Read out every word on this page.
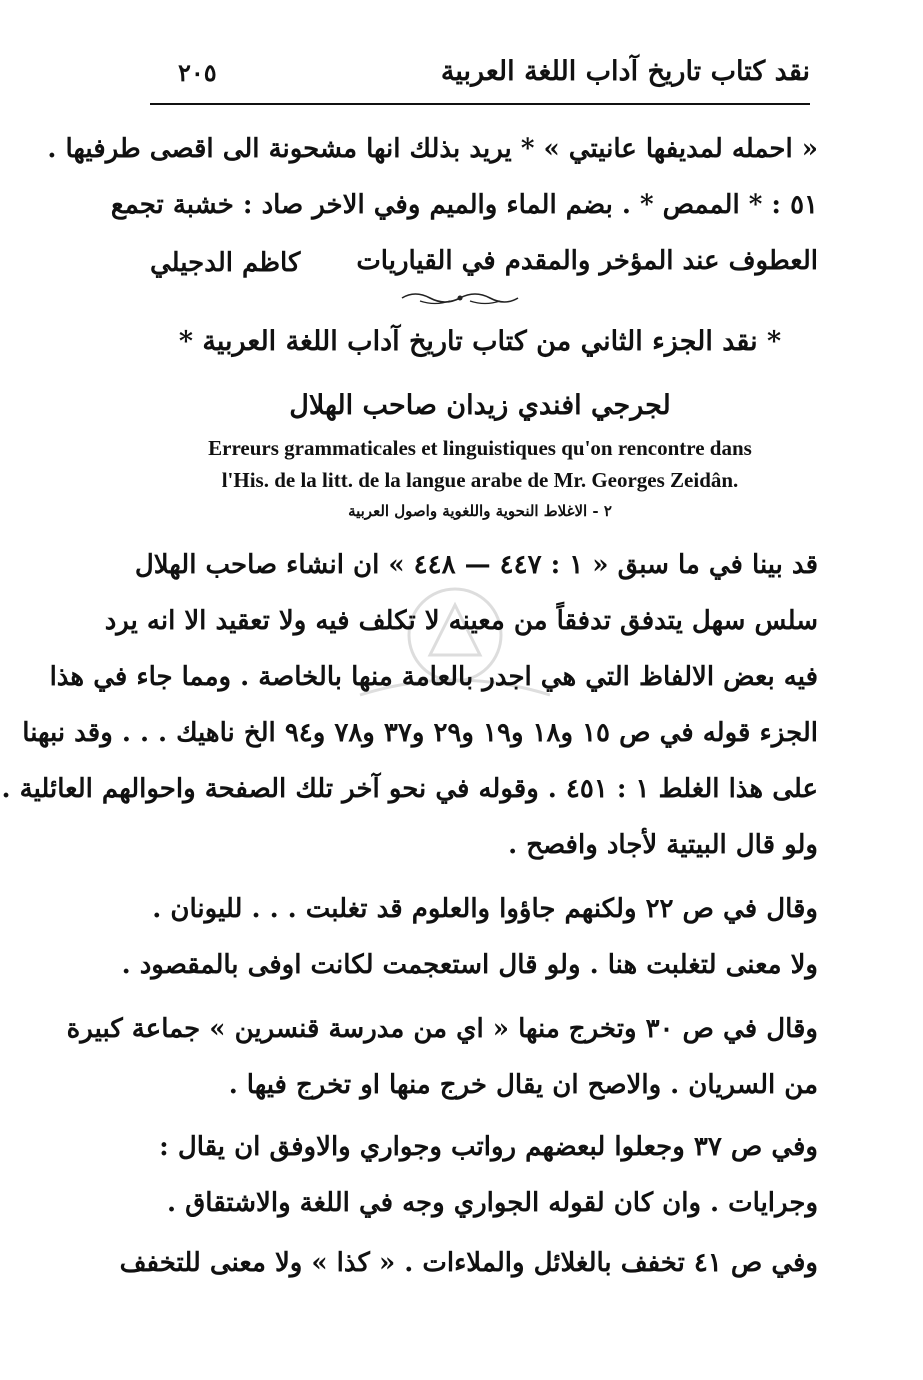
نقد كتاب تاريخ آداب اللغة العربية
٢٠٥
« احمله لمديفها عانيتي » * يريد بذلك انها مشحونة الى اقصى طرفيها .
٥١ : * الممص * . بضم الماء والميم وفي الاخر صاد : خشبة تجمع
العطوف عند المؤخر والمقدم في القياريات
كاظم الدجيلي
* نقد الجزء الثاني من كتاب تاريخ آداب اللغة العربية *
لجرجي افندي زيدان صاحب الهلال
Erreurs grammaticales et linguistiques qu'on rencontre dans
l'His. de la litt. de la langue arabe de Mr. Georges Zeidân.
٢ - الاغلاط النحوية واللغوية واصول العربية
قد بينا في ما سبق « ١ : ٤٤٧ — ٤٤٨ » ان انشاء صاحب الهلال
سلس سهل يتدفق تدفقاً من معينه لا تكلف فيه ولا تعقيد الا انه يرد
فيه بعض الالفاظ التي هي اجدر بالعامة منها بالخاصة . ومما جاء في هذا
الجزء قوله في ص ١٥ و١٨ و١٩ و٢٩ و٣٧ و٧٨ و٩٤ الخ ناهيك . . . وقد نبهنا
على هذا الغلط ١ : ٤٥١ . وقوله في نحو آخر تلك الصفحة واحوالهم العائلية .
ولو قال البيتية لأجاد وافصح .
وقال في ص ٢٢ ولكنهم جاؤوا والعلوم قد تغلبت . . . لليونان .
ولا معنى لتغلبت هنا . ولو قال استعجمت لكانت اوفى بالمقصود .
وقال في ص ٣٠ وتخرج منها « اي من مدرسة قنسرين » جماعة كبيرة
من السريان . والاصح ان يقال خرج منها او تخرج فيها .
وفي ص ٣٧ وجعلوا لبعضهم رواتب وجواري والاوفق ان يقال :
وجرايات . وان كان لقوله الجواري وجه في اللغة والاشتقاق .
وفي ص ٤١ تخفف بالغلائل والملاءات . « كذا » ولا معنى للتخفف
